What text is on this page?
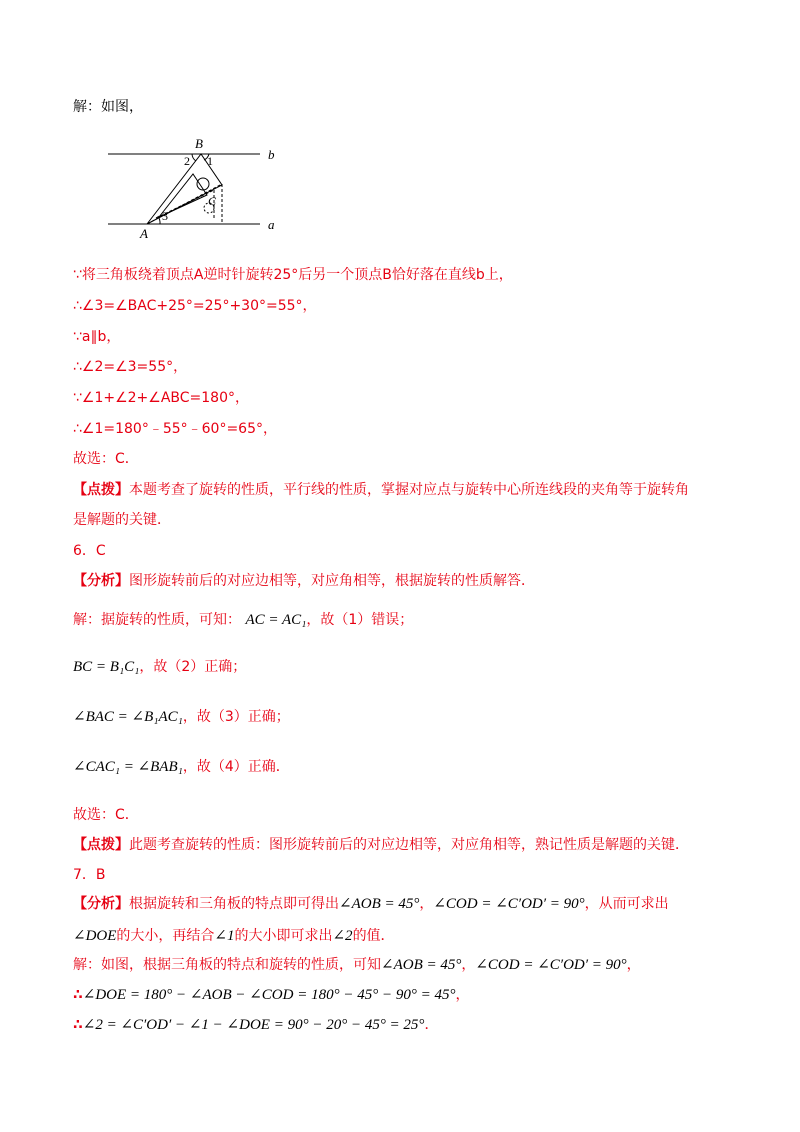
解：如图，
B
b
a
A
C
1
2
3
∵将三角板绕着顶点A逆时针旋转25°后另一个顶点B恰好落在直线b上，
∴∠3=∠BAC+25°=25°+30°=55°，
∵a∥b，
∴∠2=∠3=55°，
∵∠1+∠2+∠ABC=180°，
∴∠1=180°﹣55°﹣60°=65°，
故选：C．
【点拨】本题考查了旋转的性质，平行线的性质，掌握对应点与旋转中心所连线段的夹角等于旋转角
是解题的关键．
6．C
【分析】图形旋转前后的对应边相等，对应角相等，根据旋转的性质解答．
解：据旋转的性质，可知： AC = AC₁，故（1）错误；
BC = B₁C₁，故（2）正确；
∠BAC = ∠B₁AC₁，故（3）正确；
∠CAC₁ = ∠BAB₁，故（4）正确．
故选：C．
【点拨】此题考查旋转的性质：图形旋转前后的对应边相等，对应角相等，熟记性质是解题的关键．
7．B
【分析】根据旋转和三角板的特点即可得出∠AOB = 45°，∠COD = ∠C′OD′ = 90°，从而可求出
∠DOE的大小，再结合∠1的大小即可求出∠2的值．
解：如图，根据三角板的特点和旋转的性质，可知∠AOB = 45°，∠COD = ∠C′OD′ = 90°，
∴∠DOE = 180° − ∠AOB − ∠COD = 180° − 45° − 90° = 45°，
∴∠2 = ∠C′OD′ − ∠1 − ∠DOE = 90° − 20° − 45° = 25°．
